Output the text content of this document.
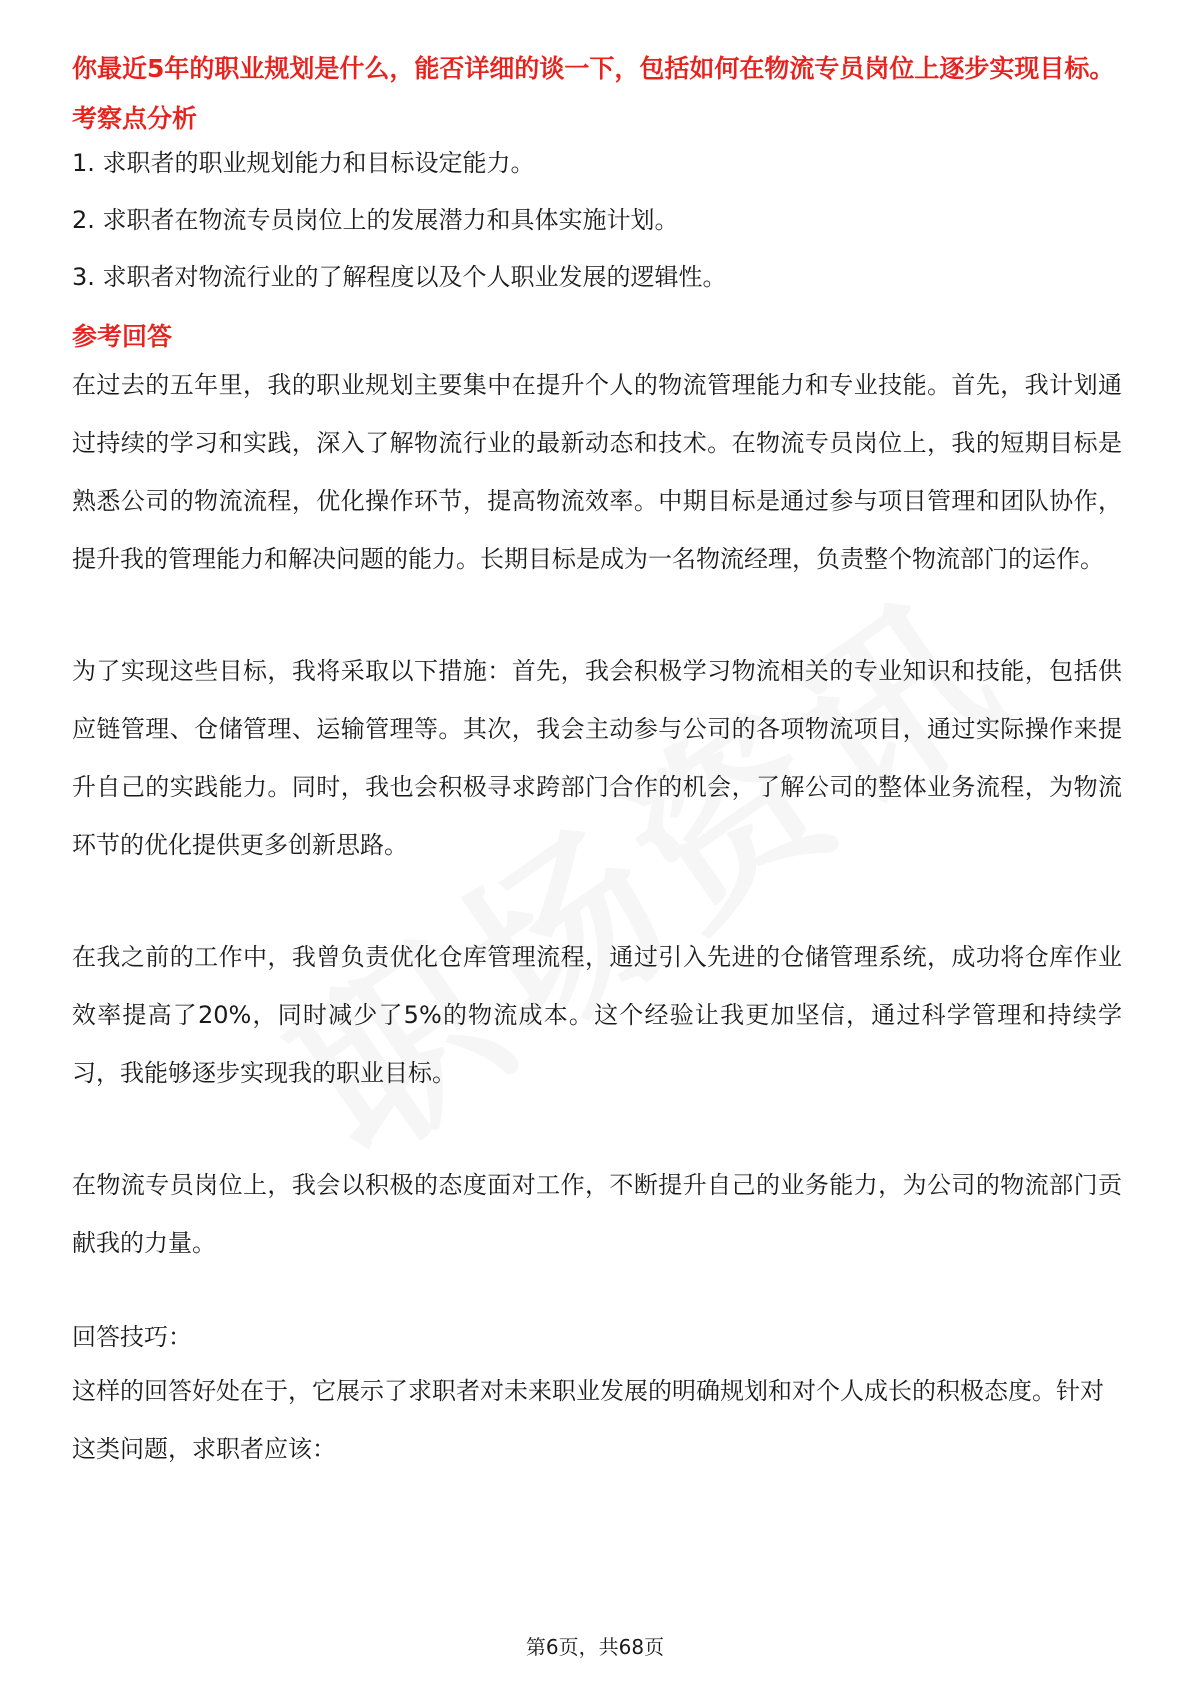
你最近5年的职业规划是什么，能否详细的谈一下，包括如何在物流专员岗位上逐步实现目标。
考察点分析
1. 求职者的职业规划能力和目标设定能力。
2. 求职者在物流专员岗位上的发展潜力和具体实施计划。
3. 求职者对物流行业的了解程度以及个人职业发展的逻辑性。
参考回答
在过去的五年里，我的职业规划主要集中在提升个人的物流管理能力和专业技能。首先，我计划通过持续的学习和实践，深入了解物流行业的最新动态和技术。在物流专员岗位上，我的短期目标是熟悉公司的物流流程，优化操作环节，提高物流效率。中期目标是通过参与项目管理和团队协作，提升我的管理能力和解决问题的能力。长期目标是成为一名物流经理，负责整个物流部门的运作。
为了实现这些目标，我将采取以下措施：首先，我会积极学习物流相关的专业知识和技能，包括供应链管理、仓储管理、运输管理等。其次，我会主动参与公司的各项物流项目，通过实际操作来提升自己的实践能力。同时，我也会积极寻求跨部门合作的机会，了解公司的整体业务流程，为物流环节的优化提供更多创新思路。
在我之前的工作中，我曾负责优化仓库管理流程，通过引入先进的仓储管理系统，成功将仓库作业效率提高了20%，同时减少了5%的物流成本。这个经验让我更加坚信，通过科学管理和持续学习，我能够逐步实现我的职业目标。
在物流专员岗位上，我会以积极的态度面对工作，不断提升自己的业务能力，为公司的物流部门贡献我的力量。
回答技巧：
这样的回答好处在于，它展示了求职者对未来职业发展的明确规划和对个人成长的积极态度。针对这类问题，求职者应该：
第6页，共68页
